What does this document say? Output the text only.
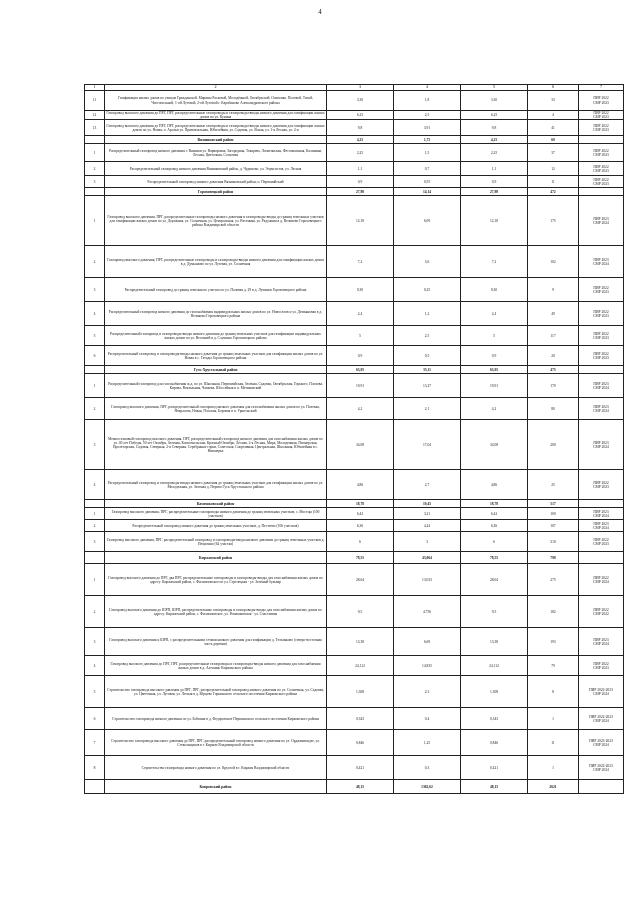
4
1	2	3	4	5	6	7
11	Газификация жилых домов по улицам Гражданской, Марины Расковой, Молодёжной, Октябрьской, Осипенко, Полевой, Тихой, Чистопольной, 1-ой Луговой, 2-ой Луговой г. Карабаново Александровского района	3,30	1,8	3,30	33	ПИР 2022
СМР 2023
12	Газопровод высокого давления до ПРГ, ПРГ, распределительные газопроводы и газопроводы-вводы низкого давления для газификации жилых домов по ул. Кунина	6,25	2,5	6,25	4	ПИР 2022
СМР 2023
13	Газопровод высокого давления до ПРГ, ПРГ, распределительные газопроводы и газопроводы-вводы низкого давления для газификации жилых домов по ул. Новая, п. Арсаки ул. Привокзальная, Юбилейная, ул. Садовая, ул. Ясная, ул. 1-я Лесная, ул. 2-я	9,8	3,91	9,8	41	ПИР 2022
СМР 2023
	Вязниковский район	4,25	1,75	4,25	60	
1	Распределительный газопровод низкого давления г. Вязники ул. Варваровка, Загородная, Токарева, Лопатинская, Фестивальная, Калинина, Лесная, Цветочная, Сосновая	2,25	1,5	2,25	37	ПИР 2022
СМР 2023
2	Распределительный газопровод низкого давления Вязниковский район, д. Чудиново, ул. Эпунгистов, ул. Лесная	1,1	0,7	1,1	12	ПИР 2022
СМР 2023
3	Распределительный газопровод низкого давления Вязниковский район, п. Первомайский	0,9	0,55	0,9	11	ПИР 2022
СМР 2023
	Гороховецкий район	27,98	14,14	27,98	472	
1	Газопровод высокого давления, ПРГ, распределительные газопроводы низкого давления и газопроводы-вводы до границ земельных участков для газификации жилых домов по ул. Дорожная, ул. Солнечная, ул. Центральная, ул. Весенняя, ул. Радужная в д. Великово Гороховецкого района Владимирской области	12,18	6,09	12,18	175	ПИР 2023
СМР 2024
2	Газопровод высокого давления, ПРГ, распределительные газопроводы и газопроводы-вводы низкого давления для газификации жилых домов в д. Думьяново по ул. Луговая, ул. Солнечная	7,2	3,6	7,2	102	ПИР 2023
СМР 2024
3	Распределительный газопровод до границ земельного участка по ул. Полевая д. 29 в д. Лучинки Гороховецкого района	0,30	0,25	0,30	9	ПИР 2022
СМР 2023
4	Распределительный газопровод низкого давления до газоснабжения индивидуальных жилых домов по ул. Новоселов и ул. Демьяновая в д. Великово Гороховецкого района	2,4	1,2	2,4	49	ПИР 2022
СМР 2023
5	Распределительный газопровод и газопроводы-вводы низкого давления до границ земельных участков для газификации индивидуальных жилых домов по ул. Весенней в д. Слушино Гороховецкого района	5	2,5	5	117	ПИР 2022
СМР 2023
6	Распределительный газопровод и газопроводы-вводы низкого давления до границ земельных участков для газификации жилых домов по ул. Новая в с. Гатады Гороховецкого района	0,9	0,5	0,9	20	ПИР 2022
СМР 2023
	Гусь-Хрустальный район	63,05	35,11	63,05	475	
1	Распределительный газопровод для газоснабжения ж.д. по ул. Школьная, Первомайская, Зеленая, Садовая, Октябрьская, Горького, Плохова, Кирова, Вокзальная, Чапаева, Шоссейная в п. Мезиновский	19,91	13,27	19,91	170	ПИР 2023
СМР 2024
2	Газопровод высокого давления, ПРГ, распределительный газопровод низкого давления для газоснабжения жилых домов по ул. Полевая, Некрасова, Новая, Плоская, Боровая в п. Уршельский	4,2	2,1	4,2	80	ПИР 2023
СМР 2024
3	Межпоселковый газопровод высокого давления, ПРГ, распределительный газопровод низкого давления для газоснабжения жилых домов по ул. 40 лет Победы, 50 лет Октября, Зеленая, Комсомольская, Красный Октябрь, Лесная, 2-я Лесная, Мира, Молодежная, Пионерская, Пролетарская, Садовая, Северная, 2-я Северная, Серебряные горки, Советская, Спортивная, Центральная, Школьная, Юбилейная в с. Нившерка	34,08	17,04	34,08	200	ПИР 2023
СМР 2024
4	Распределительный газопровод и газопроводы-вводы низкого давления до границ земельных участков для газификации жилых домов по ул. Молодежная, ул. Зеленая д. Перово Гусь-Хрустального района	4,86	2,7	4,86	25	ПИР 2022
СМР 2023
	Камешковский район	18,78	10,45	18,78	517	
1	Газопровод высокого давления, ПРГ, распределительные газопроводы низкого давления до границ земельных участков, с. Мостцы (100 участков)	6,42	3,21	6,42	100	ПИР 2023
СМР 2024
2	Распределительный газопровод низкого давления до границ земельных участков, д. Пестеево (106 участков)	6,36	4,24	6,36	107	ПИР 2023
СМР 2024
3	Газопровод высокого давления, ПРГ, распределительный газопровод и газопроводы-вводы низкого давления до границ земельных участков д. Пещатино (62 участка)	6	3	6	310	ПИР 2022
СМР 2023
	Киржачский район	78,55	43,064	78,55	798	
1	Газопровод высокого давления до ПРГ, два ПРГ, распределительные газопроводы и газопроводы-вводы для газоснабжения жилых домов по адресу: Киржачский район, с. Филипповское по ул. Стрелецкая - ул. Зелёный бульвар	28,64	13,033	28,64	275	ПИР 2022
СМР 2024
2	Газопровод высокого давления до ШРП, ШРП, распределительные газопроводы и газопроводы-вводы для газоснабжения жилых домов по адресу: Киржачский район, с. Филипповское, ул. Ромашковская - ул. Счастливая	9,5	4,756	9,5	182	ПИР 2022
СМР 2022
3	Газопровод высокого давления к ШРП, с распределительными сетями низкого давления для газификации д. Тельпяково (северо-восточная часть деревни)	13,38	6,69	13,38	193	ПИР 2023
СМР 2024
4	Газопровод высокого давления до ПРГ, ПРГ, распределительные газопроводы и газопроводы-вводы низкого давления для газоснабжения жилых домов в д. Алешино Киржачского района	24,112	14,835	24,112	79	ПИР 2022
СМР 2023
5	Строительство газопровода высокого давления до ПРГ, ПРГ, распределительный газопровод низкого давления по ул. Солнечная, ул. Садовая, ул. Цветочная, ул. Луговая, ул. Лесная в д. Юрцево Горкинского сельского поселения Киржачского района	1,308	2,3	1,308	8	ПИР 2022-2023
СМР 2024
6	Строительство газопровода низкого давления по ул. Бобкина в д. Федоровское Першинского сельского поселения Киржачского района	0,343	0,4	0,343	1	ПИР 2022-2023
СМР 2024
7	Строительство газопровода высокого давления до ПРГ, ПРГ, распределительный газопровод низкого давления по ул. Ордженикидзе, ул. Стекольщиков в г. Киржач Владимирской области	0,846	1,25	0,846	11	ПИР 2023-2023
СМР 2024
8	Строительство газопровода низкого давления по ул. Круглой в г. Киржач Владимирской области	0,421	0,3	0,421	1	ПИР 2022-2023
СМР 2024
	Ковровский район	48,15	1362,62	48,15	2621	
